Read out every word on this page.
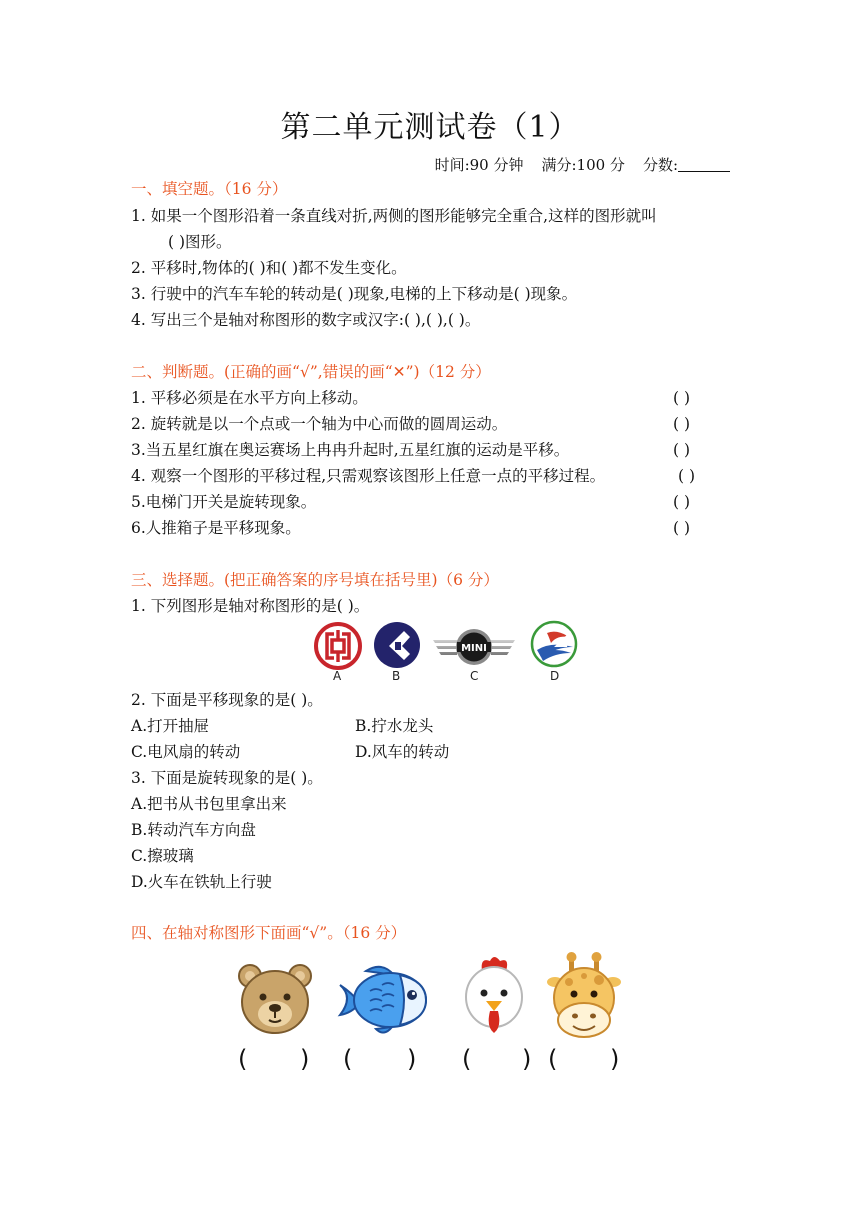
第二单元测试卷（1）
时间:90 分钟 满分:100 分 分数:
一、填空题。（16 分）
1. 如果一个图形沿着一条直线对折,两侧的图形能够完全重合,这样的图形就叫
( )图形。
2. 平移时,物体的( )和( )都不发生变化。
3. 行驶中的汽车车轮的转动是( )现象,电梯的上下移动是( )现象。
4. 写出三个是轴对称图形的数字或汉字:( ),( ),( )。
二、判断题。(正确的画“√”,错误的画“✕”)（12 分）
1. 平移必须是在水平方向上移动。	( )
2. 旋转就是以一个点或一个轴为中心而做的圆周运动。	( )
3.当五星红旗在奥运赛场上冉冉升起时,五星红旗的运动是平移。	( )
4. 观察一个图形的平移过程,只需观察该图形上任意一点的平移过程。	( )
5.电梯门开关是旋转现象。	( )
6.人推箱子是平移现象。	( )
三、选择题。(把正确答案的序号填在括号里)（6 分）
1. 下列图形是轴对称图形的是( )。
A	B
MINI
C	D
2. 下面是平移现象的是( )。
A.打开抽屉	B.拧水龙头
C.电风扇的转动	D.风车的转动
3. 下面是旋转现象的是( )。
A.把书从书包里拿出来
B.转动汽车方向盘
C.擦玻璃
D.火车在铁轨上行驶
四、在轴对称图形下面画“√”。（16 分）
( ) ( ) ( ) ( )
